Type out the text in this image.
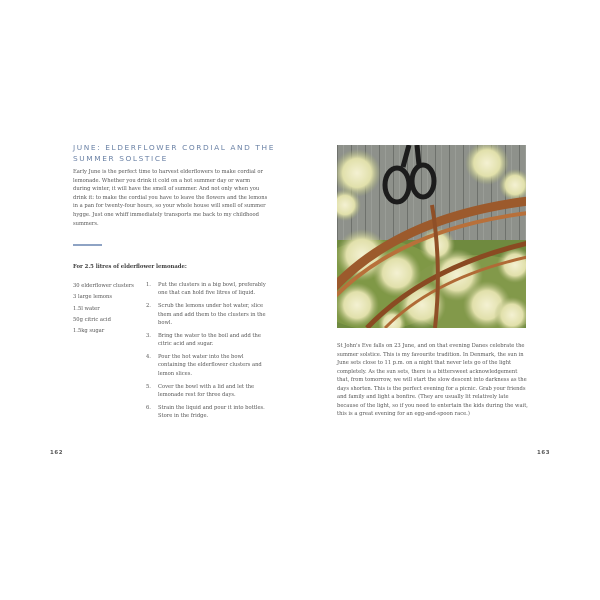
JUNE: ELDERFLOWER CORDIAL AND THE SUMMER SOLSTICE

Early June is the perfect time to harvest elderflowers to make cordial or lemonade. Whether you drink it cold on a hot summer day or warm during winter, it will have the smell of summer. And not only when you drink it: to make the cordial you have to leave the flowers and the lemons in a pan for twenty-four hours, so your whole house will smell of summer hygge. Just one whiff immediately transports me back to my childhood summers.

For 2.5 litres of elderflower lemonade:

30 elderflower clusters
3 large lemons
1.5l water
50g citric acid
1.5kg sugar
1. Put the clusters in a big bowl, preferably one that can hold five litres of liquid.
2. Scrub the lemons under hot water, slice them and add them to the clusters in the bowl.
3. Bring the water to the boil and add the citric acid and sugar.
4. Pour the hot water into the bowl containing the elderflower clusters and lemon slices.
5. Cover the bowl with a lid and let the lemonade rest for three days.
6. Strain the liquid and pour it into bottles. Store in the fridge.
162

St John's Eve falls on 23 June, and on that evening Danes celebrate the summer solstice. This is my favourite tradition. In Denmark, the sun in June sets close to 11 p.m. on a night that never lets go of the light completely. As the sun sets, there is a bittersweet acknowledgement that, from tomorrow, we will start the slow descent into darkness as the days shorten. This is the perfect evening for a picnic. Grab your friends and family and light a bonfire. (They are usually lit relatively late because of the light, so if you need to entertain the kids during the wait, this is a great evening for an egg-and-spoon race.)

163
